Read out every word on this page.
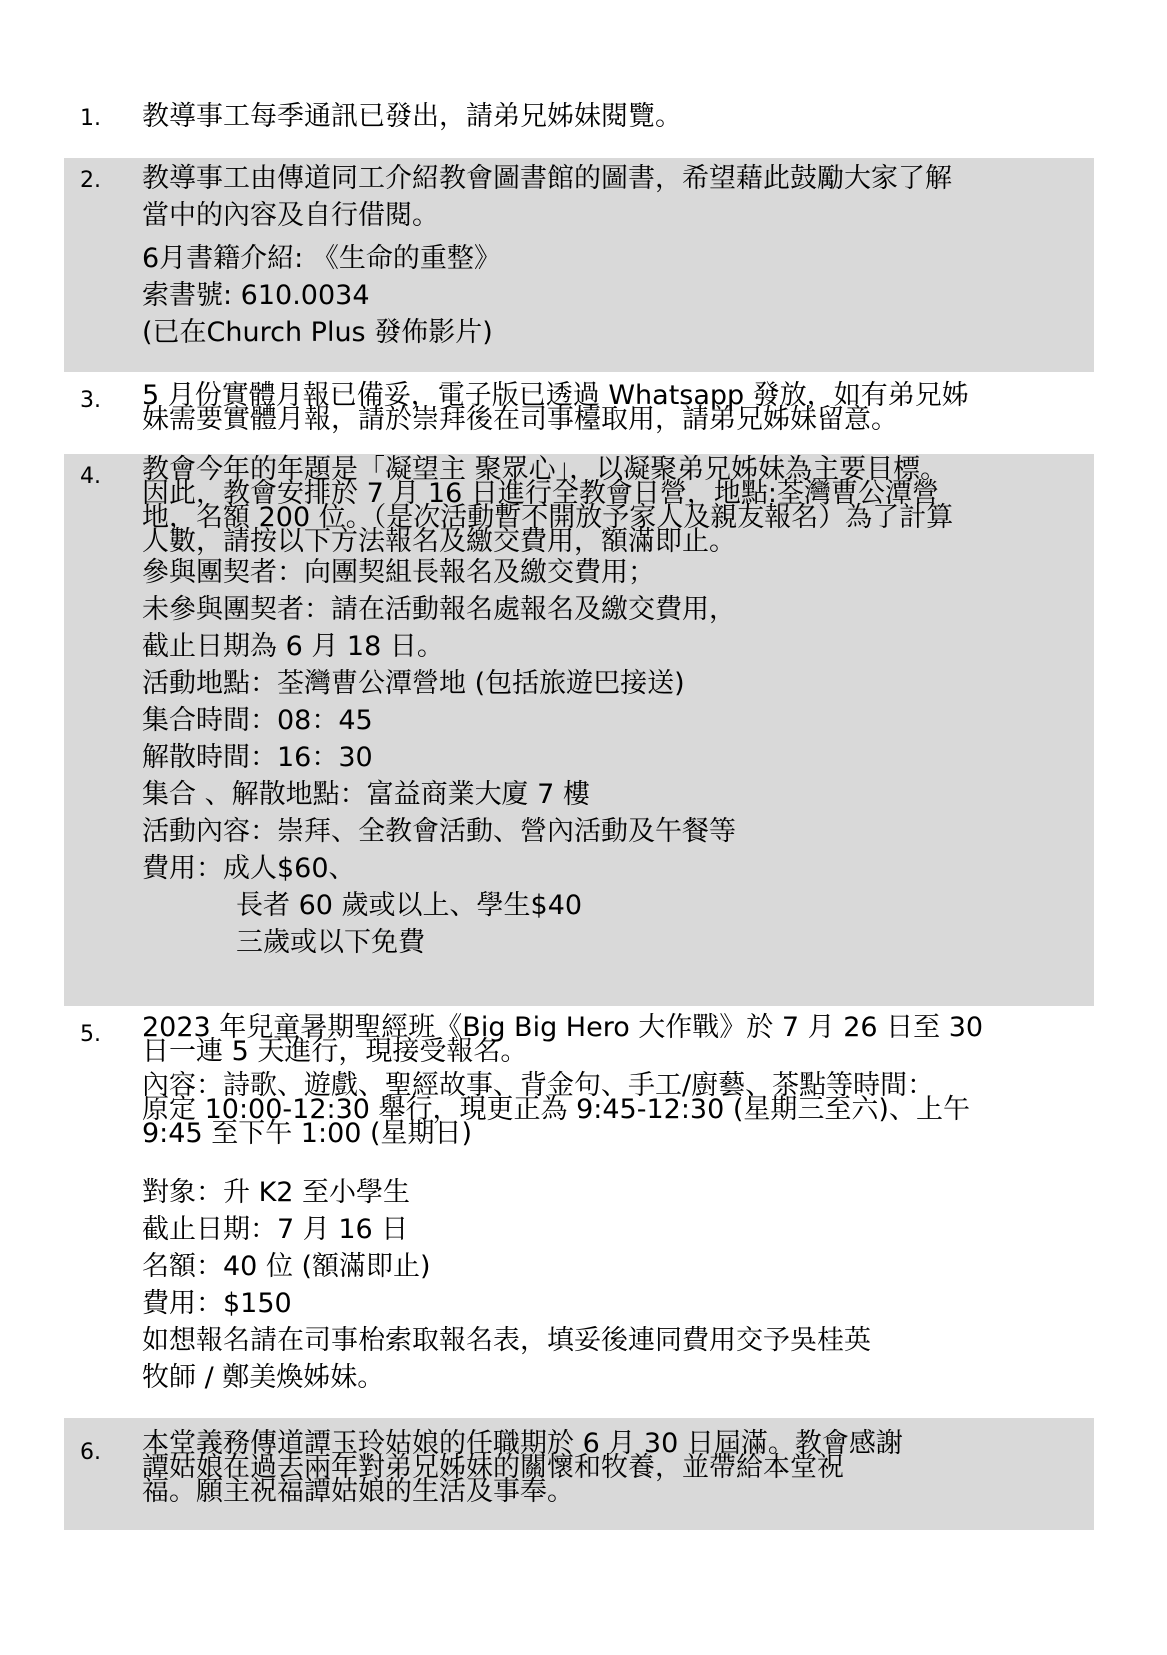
1. 教導事工每季通訊已發出，請弟兄姊妹閱覽。
2. 教導事工由傳道同工介紹教會圖書館的圖書，希望藉此鼓勵大家了解
當中的內容及自行借閱。
6月書籍介紹: 《生命的重整》
索書號: 610.0034
(已在Church Plus 發佈影片)
3. 5 月份實體月報已備妥，電子版已透過 Whatsapp 發放，如有弟兄姊
妹需要實體月報，請於崇拜後在司事檯取用，請弟兄姊妹留意。
4. 教會今年的年題是「凝望主 聚眾心」，以凝聚弟兄姊妹為主要目標。
因此，教會安排於 7 月 16 日進行全教會日營，地點:荃灣曹公潭營
地，名額 200 位。（是次活動暫不開放予家人及親友報名）為了計算
人數，請按以下方法報名及繳交費用，額滿即止。
參與團契者：向團契組長報名及繳交費用；
未參與團契者：請在活動報名處報名及繳交費用，
截止日期為 6 月 18 日。
活動地點：荃灣曹公潭營地 (包括旅遊巴接送)
集合時間：08：45
解散時間：16：30
集合 、解散地點：富益商業大廈 7 樓
活動內容：崇拜、全教會活動、營內活動及午餐等
費用：成人$60、
長者 60 歲或以上、學生$40
三歲或以下免費
5. 2023 年兒童暑期聖經班《Big Big Hero 大作戰》於 7 月 26 日至 30
日一連 5 天進行，現接受報名。
內容：詩歌、遊戲、聖經故事、背金句、手工/廚藝、茶點等時間：
原定 10:00-12:30 舉行，現更正為 9:45-12:30 (星期三至六)、上午
9:45 至下午 1:00 (星期日)
對象：升 K2 至小學生
截止日期：7 月 16 日
名額：40 位 (額滿即止)
費用：$150
如想報名請在司事枱索取報名表，填妥後連同費用交予吳桂英
牧師 / 鄭美煥姊妹。
6. 本堂義務傳道譚玉玲姑娘的任職期於 6 月 30 日屆滿。教會感謝
譚姑娘在過去兩年對弟兄姊妹的關懷和牧養，並帶給本堂祝
福。願主祝福譚姑娘的生活及事奉。
